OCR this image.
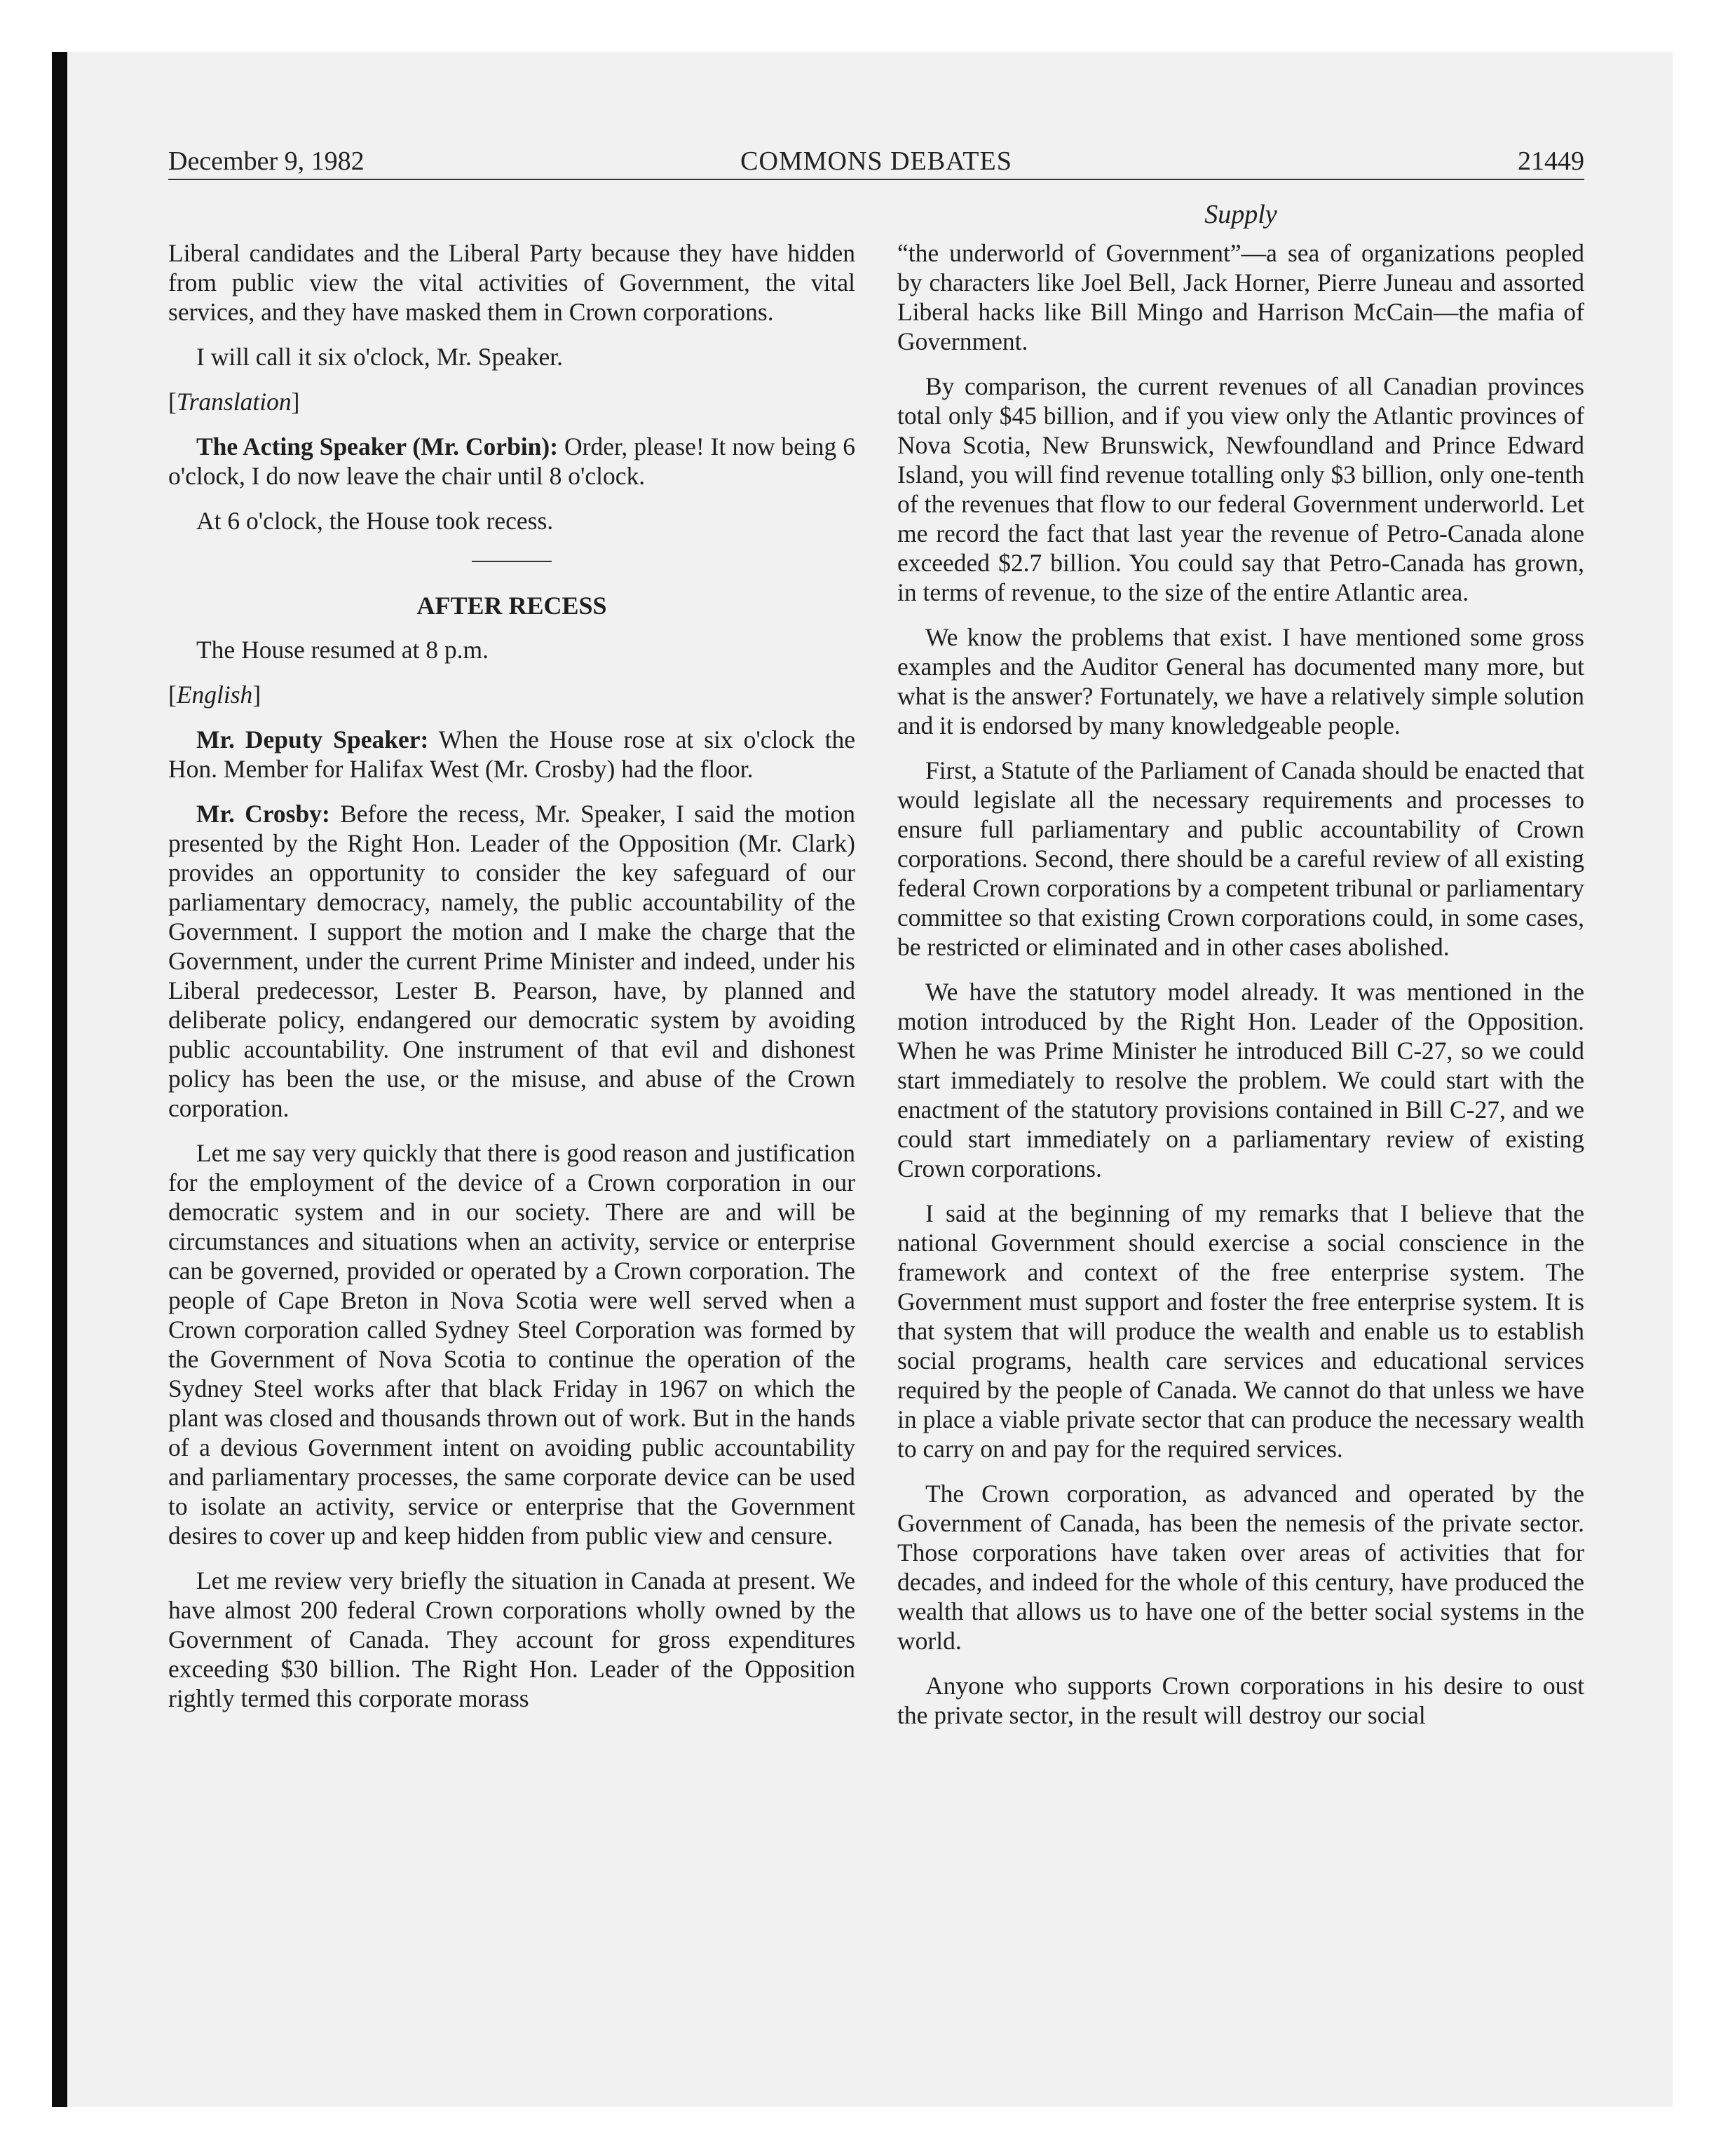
December 9, 1982	COMMONS DEBATES	21449
Supply

Liberal candidates and the Liberal Party because they have hidden from public view the vital activities of Government, the vital services, and they have masked them in Crown corporations.

I will call it six o'clock, Mr. Speaker.

[Translation]

The Acting Speaker (Mr. Corbin): Order, please! It now being 6 o'clock, I do now leave the chair until 8 o'clock.

At 6 o'clock, the House took recess.

AFTER RECESS

The House resumed at 8 p.m.

[English]

Mr. Deputy Speaker: When the House rose at six o'clock the Hon. Member for Halifax West (Mr. Crosby) had the floor.

Mr. Crosby: Before the recess, Mr. Speaker, I said the motion presented by the Right Hon. Leader of the Opposition (Mr. Clark) provides an opportunity to consider the key safeguard of our parliamentary democracy, namely, the public accountability of the Government. I support the motion and I make the charge that the Government, under the current Prime Minister and indeed, under his Liberal predecessor, Lester B. Pearson, have, by planned and deliberate policy, endangered our democratic system by avoiding public accountability. One instrument of that evil and dishonest policy has been the use, or the misuse, and abuse of the Crown corporation.

Let me say very quickly that there is good reason and justification for the employment of the device of a Crown corporation in our democratic system and in our society. There are and will be circumstances and situations when an activity, service or enterprise can be governed, provided or operated by a Crown corporation. The people of Cape Breton in Nova Scotia were well served when a Crown corporation called Sydney Steel Corporation was formed by the Government of Nova Scotia to continue the operation of the Sydney Steel works after that black Friday in 1967 on which the plant was closed and thousands thrown out of work. But in the hands of a devious Government intent on avoiding public accountability and parliamentary processes, the same corporate device can be used to isolate an activity, service or enterprise that the Government desires to cover up and keep hidden from public view and censure.

Let me review very briefly the situation in Canada at present. We have almost 200 federal Crown corporations wholly owned by the Government of Canada. They account for gross expenditures exceeding $30 billion. The Right Hon. Leader of the Opposition rightly termed this corporate morass

“the underworld of Government”—a sea of organizations peopled by characters like Joel Bell, Jack Horner, Pierre Juneau and assorted Liberal hacks like Bill Mingo and Harrison McCain—the mafia of Government.

By comparison, the current revenues of all Canadian provinces total only $45 billion, and if you view only the Atlantic provinces of Nova Scotia, New Brunswick, Newfoundland and Prince Edward Island, you will find revenue totalling only $3 billion, only one-tenth of the revenues that flow to our federal Government underworld. Let me record the fact that last year the revenue of Petro-Canada alone exceeded $2.7 billion. You could say that Petro-Canada has grown, in terms of revenue, to the size of the entire Atlantic area.

We know the problems that exist. I have mentioned some gross examples and the Auditor General has documented many more, but what is the answer? Fortunately, we have a relatively simple solution and it is endorsed by many knowledgeable people.

First, a Statute of the Parliament of Canada should be enacted that would legislate all the necessary requirements and processes to ensure full parliamentary and public accountability of Crown corporations. Second, there should be a careful review of all existing federal Crown corporations by a competent tribunal or parliamentary committee so that existing Crown corporations could, in some cases, be restricted or eliminated and in other cases abolished.

We have the statutory model already. It was mentioned in the motion introduced by the Right Hon. Leader of the Opposition. When he was Prime Minister he introduced Bill C-27, so we could start immediately to resolve the problem. We could start with the enactment of the statutory provisions contained in Bill C-27, and we could start immediately on a parliamentary review of existing Crown corporations.

I said at the beginning of my remarks that I believe that the national Government should exercise a social conscience in the framework and context of the free enterprise system. The Government must support and foster the free enterprise system. It is that system that will produce the wealth and enable us to establish social programs, health care services and educational services required by the people of Canada. We cannot do that unless we have in place a viable private sector that can produce the necessary wealth to carry on and pay for the required services.

The Crown corporation, as advanced and operated by the Government of Canada, has been the nemesis of the private sector. Those corporations have taken over areas of activities that for decades, and indeed for the whole of this century, have produced the wealth that allows us to have one of the better social systems in the world.

Anyone who supports Crown corporations in his desire to oust the private sector, in the result will destroy our social
